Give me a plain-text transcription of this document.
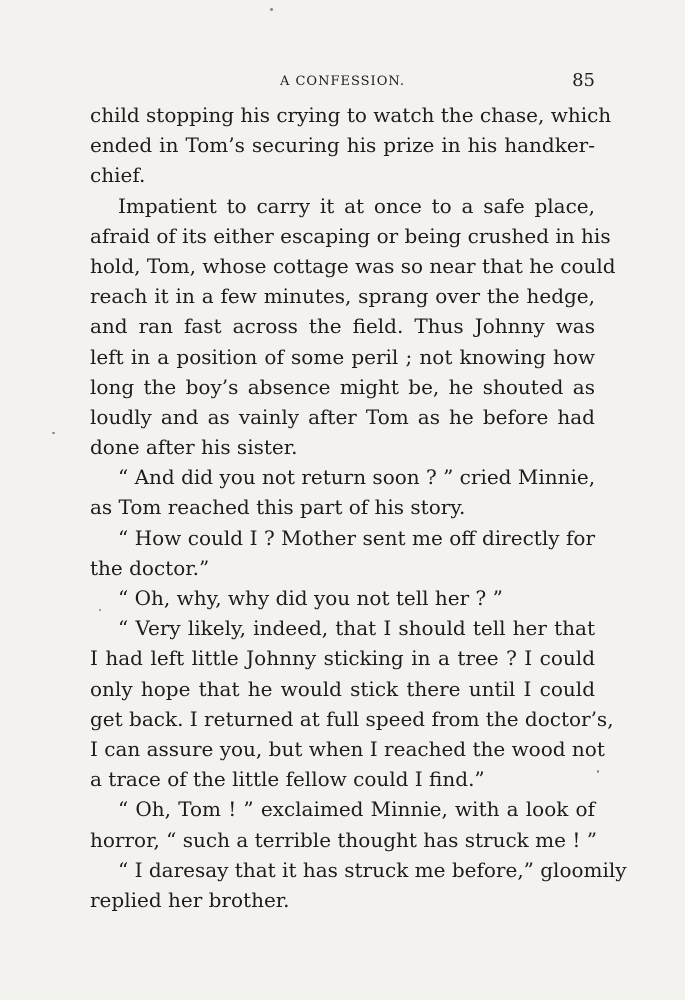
A CONFESSION.	85
child stopping his crying to watch the chase, which
ended in Tom’s securing his prize in his handker-
chief.
Impatient to carry it at once to a safe place,
afraid of its either escaping or being crushed in his
hold, Tom, whose cottage was so near that he could
reach it in a few minutes, sprang over the hedge,
and ran fast across the field. Thus Johnny was
left in a position of some peril ; not knowing how
long the boy’s absence might be, he shouted as
loudly and as vainly after Tom as he before had
done after his sister.
“ And did you not return soon ? ” cried Minnie,
as Tom reached this part of his story.
“ How could I ? Mother sent me off directly for
the doctor.”
“ Oh, why, why did you not tell her ? ”
“ Very likely, indeed, that I should tell her that
I had left little Johnny sticking in a tree ? I could
only hope that he would stick there until I could
get back. I returned at full speed from the doctor’s,
I can assure you, but when I reached the wood not
a trace of the little fellow could I find.”
“ Oh, Tom ! ” exclaimed Minnie, with a look of
horror, “ such a terrible thought has struck me ! ”
“ I daresay that it has struck me before,” gloomily
replied her brother.
